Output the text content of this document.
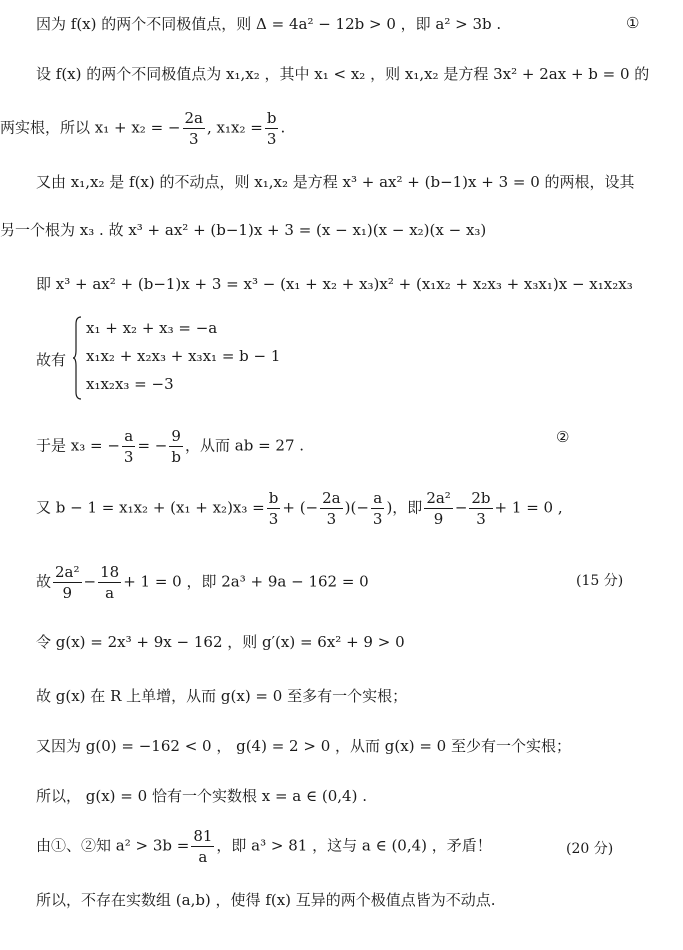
因为 f(x) 的两个不同极值点，则 Δ = 4a² − 12b > 0 ，即 a² > 3b .	①
设 f(x) 的两个不同极值点为 x₁,x₂ ，其中 x₁ < x₂ ，则 x₁,x₂ 是方程 3x² + 2ax + b = 0 的
两实根，所以 x₁ + x₂ = − $\frac{2a}{3}$ , $x_1x_2 = \frac{b}{3}$ .
又由 x₁,x₂ 是 f(x) 的不动点，则 x₁,x₂ 是方程 x³ + ax² + (b−1)x + 3 = 0 的两根，设其
另一个根为 x₃ . 故 x³ + ax² + (b−1)x + 3 = (x − x₁)(x − x₂)(x − x₃)
即 x³ + ax² + (b−1)x + 3 = x³ − (x₁ + x₂ + x₃)x² + (x₁x₂ + x₂x₃ + x₃x₁)x − x₁x₂x₃
故有
x₁ + x₂ + x₃ = −a
x₁x₂ + x₂x₃ + x₃x₁ = b − 1
x₁x₂x₃ = −3
于是 x₃ = − $\frac{a}{3}$ = − $\frac{9}{b}$ ，从而 ab = 27 .	②
又 $b - 1 = x_1x_2 + (x_1 + x_2)x_3 = \frac{b}{3}$ + (− $\frac{2a}{3}$ )(− $\frac{a}{3}$ )，即 $\frac{\text{2a²}}{9} - \frac{2b}{3} + 1 = 0$ ,
故 $\frac{\text{2a²}}{9} - \frac{18}{a} + 1 = 0$ ，即 2a³ + 9a − 162 = 0	(15 分)
令 g(x) = 2x³ + 9x − 162 ，则 g′(x) = 6x² + 9 > 0
故 g(x) 在 R 上单增，从而 g(x) = 0 至多有一个实根；
又因为 g(0) = −162 < 0 ， g(4) = 2 > 0 ，从而 g(x) = 0 至少有一个实根；
所以， g(x) = 0 恰有一个实数根 x = a ∈ (0,4) .
由①、②知 $a^2 > 3b = \frac{81}{a}$ ，即 a³ > 81 ，这与 a ∈ (0,4) ，矛盾！	(20 分)
所以，不存在实数组 (a,b) ，使得 f(x) 互异的两个极值点皆为不动点.
